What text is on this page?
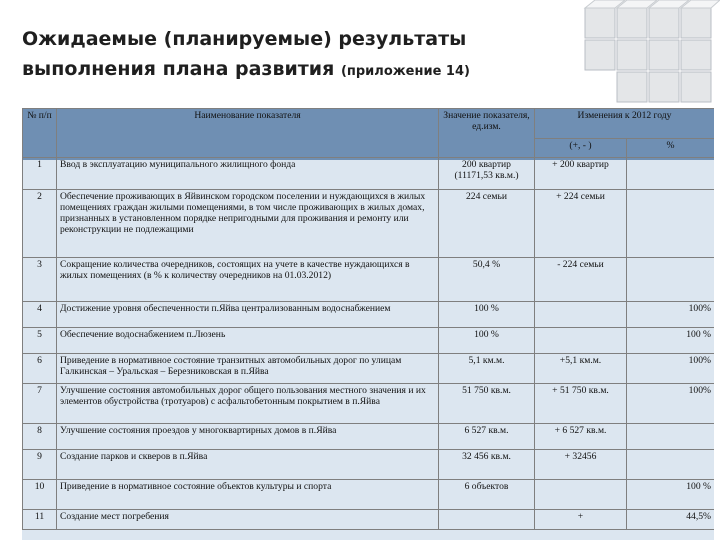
Ожидаемые (планируемые) результаты
выполнения плана развития (приложение 14)
№ п/п	Наименование показателя	Значение показателя, ед.изм.	Изменения к 2012 году	
			(+, - )	%
1	Ввод в эксплуатацию муниципального жилищного фонда	200 квартир (11171,53 кв.м.)	+ 200 квартир	
2	Обеспечение проживающих в Яйвинском городском поселении и нуждающихся в жилых помещениях граждан жилыми помещениями, в том числе проживающих в жилых домах, признанных в установленном порядке непригодными для проживания и ремонту или реконструкции не подлежащими	224 семьи	+ 224 семьи	
3	Сокращение количества очередников, состоящих на учете в качестве нуждающихся в жилых помещениях (в % к количеству очередников на 01.03.2012)	50,4 %	- 224 семьи	
4	Достижение уровня обеспеченности п.Яйва централизованным водоснабжением	100 %		100%
5	Обеспечение водоснабжением п.Люзень	100 %		100 %
6	Приведение в нормативное состояние транзитных автомобильных дорог по улицам Галкинская – Уральская – Березниковская в п.Яйва	5,1 км.м.	+5,1 км.м.	100%
7	Улучшение состояния автомобильных дорог общего пользования местного значения и их элементов обустройства (тротуаров) с асфальтобетонным покрытием в п.Яйва	51 750 кв.м.	+ 51 750 кв.м.	100%
8	Улучшение состояния проездов у многоквартирных домов в п.Яйва	6 527 кв.м.	+ 6 527 кв.м.	
9	Создание парков и скверов в п.Яйва	32 456 кв.м.	+ 32456	
10	Приведение в нормативное состояние объектов культуры и спорта	6 объектов		100 %
11	Создание мест погребения		+	44,5%
